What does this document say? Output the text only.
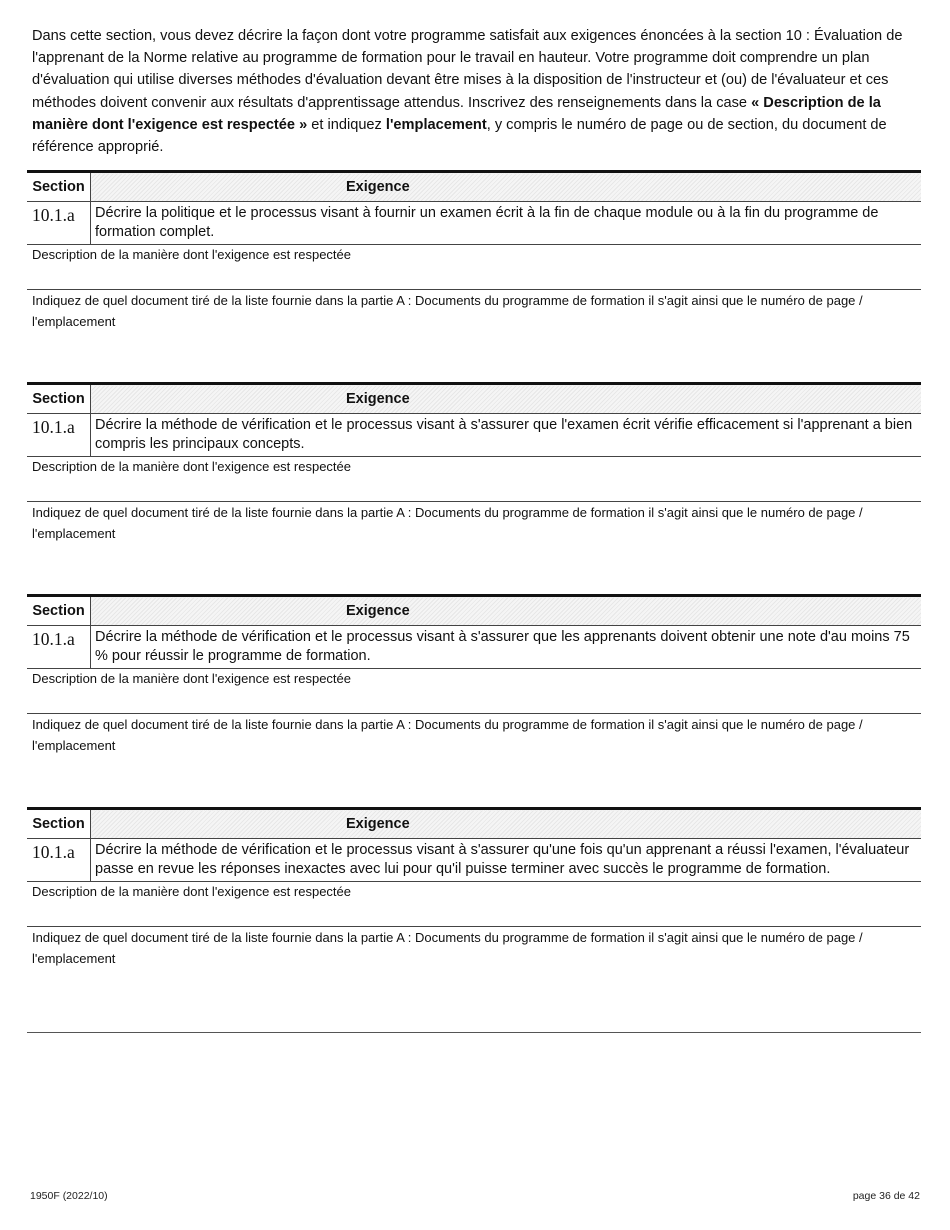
Dans cette section, vous devez décrire la façon dont votre programme satisfait aux exigences énoncées à la section 10 : Évaluation de l'apprenant de la Norme relative au programme de formation pour le travail en hauteur. Votre programme doit comprendre un plan d'évaluation qui utilise diverses méthodes d'évaluation devant être mises à la disposition de l'instructeur et (ou) de l'évaluateur et ces méthodes doivent convenir aux résultats d'apprentissage attendus. Inscrivez des renseignements dans la case « Description de la manière dont l'exigence est respectée » et indiquez l'emplacement, y compris le numéro de page ou de section, du document de référence approprié.
Section	Exigence
10.1.a	Décrire la politique et le processus visant à fournir un examen écrit à la fin de chaque module ou à la fin du programme de formation complet.
Description de la manière dont l'exigence est respectée
Indiquez de quel document tiré de la liste fournie dans la partie A : Documents du programme de formation il s'agit ainsi que le numéro de page / l'emplacement
Section	Exigence
10.1.a	Décrire la méthode de vérification et le processus visant à s'assurer que l'examen écrit vérifie efficacement si l'apprenant a bien compris les principaux concepts.
Description de la manière dont l'exigence est respectée
Indiquez de quel document tiré de la liste fournie dans la partie A : Documents du programme de formation il s'agit ainsi que le numéro de page / l'emplacement
Section	Exigence
10.1.a	Décrire la méthode de vérification et le processus visant à s'assurer que les apprenants doivent obtenir une note d'au moins 75 % pour réussir le programme de formation.
Description de la manière dont l'exigence est respectée
Indiquez de quel document tiré de la liste fournie dans la partie A : Documents du programme de formation il s'agit ainsi que le numéro de page / l'emplacement
Section	Exigence
10.1.a	Décrire la méthode de vérification et le processus visant à s'assurer qu'une fois qu'un apprenant a réussi l'examen, l'évaluateur passe en revue les réponses inexactes avec lui pour qu'il puisse terminer avec succès le programme de formation.
Description de la manière dont l'exigence est respectée
Indiquez de quel document tiré de la liste fournie dans la partie A : Documents du programme de formation il s'agit ainsi que le numéro de page / l'emplacement
1950F (2022/10)	page 36 de 42
